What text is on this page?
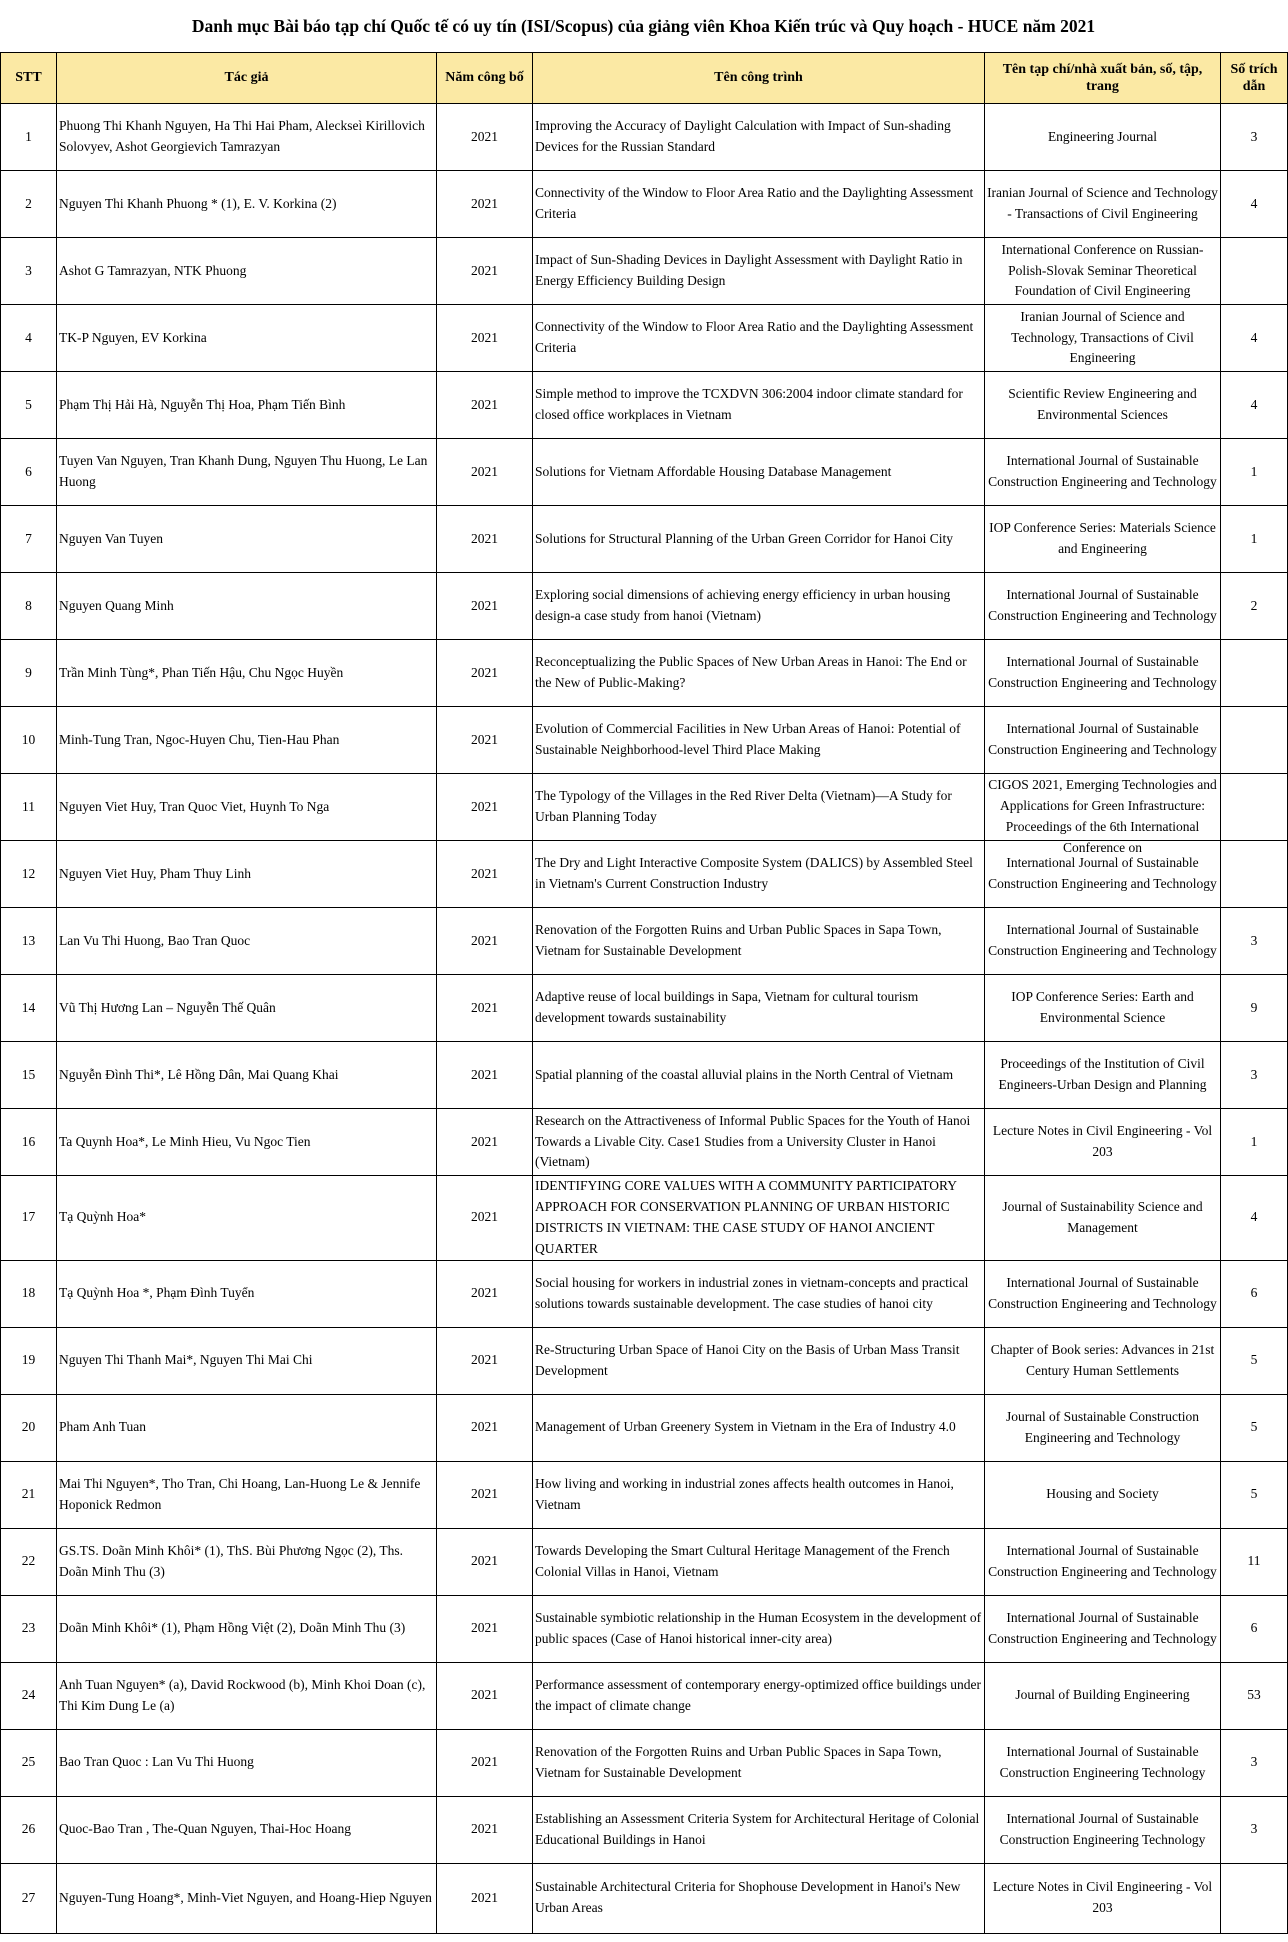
Danh mục Bài báo tạp chí Quốc tế có uy tín (ISI/Scopus) của giảng viên Khoa Kiến trúc và Quy hoạch - HUCE năm 2021
STT	Tác giả	Năm công bố	Tên công trình	Tên tạp chí/nhà xuất bản, số, tập, trang	Số trích dẫn
1	Phuong Thi Khanh Nguyen, Ha Thi Hai Pham, Aleckseì Kirillovich Solovyev, Ashot Georgievich Tamrazyan	2021	Improving the Accuracy of Daylight Calculation with Impact of Sun-shading Devices for the Russian Standard	Engineering Journal	3
2	Nguyen Thi Khanh Phuong * (1), E. V. Korkina (2)	2021	Connectivity of the Window to Floor Area Ratio and the Daylighting Assessment Criteria	Iranian Journal of Science and Technology - Transactions of Civil Engineering	4
3	Ashot G Tamrazyan, NTK Phuong	2021	Impact of Sun-Shading Devices in Daylight Assessment with Daylight Ratio in Energy Efficiency Building Design	International Conference on Russian-Polish-Slovak Seminar Theoretical Foundation of Civil Engineering	

4	TK-P Nguyen, EV Korkina	2021	Connectivity of the Window to Floor Area Ratio and the Daylighting Assessment Criteria	Iranian Journal of Science and Technology, Transactions of Civil Engineering	4
5	Phạm Thị Hải Hà, Nguyễn Thị Hoa, Phạm Tiến Bình	2021	Simple method to improve the TCXDVN 306:2004 indoor climate standard for closed office workplaces in Vietnam	Scientific Review Engineering and Environmental Sciences	4
6	Tuyen Van Nguyen, Tran Khanh Dung, Nguyen Thu Huong, Le Lan Huong	2021	Solutions for Vietnam Affordable Housing Database Management	International Journal of Sustainable Construction Engineering and Technology	1
7	Nguyen Van Tuyen	2021	Solutions for Structural Planning of the Urban Green Corridor for Hanoi City	IOP Conference Series: Materials Science and Engineering	1
8	Nguyen Quang Minh	2021	Exploring social dimensions of achieving energy efficiency in urban housing design-a case study from hanoi (Vietnam)	International Journal of Sustainable Construction Engineering and Technology	2
9	Trần Minh Tùng*, Phan Tiến Hậu, Chu Ngọc Huyền	2021	Reconceptualizing the Public Spaces of New Urban Areas in Hanoi: The End or the New of Public-Making?	International Journal of Sustainable Construction Engineering and Technology	

10	Minh-Tung Tran, Ngoc-Huyen Chu, Tien-Hau Phan	2021	Evolution of Commercial Facilities in New Urban Areas of Hanoi: Potential of Sustainable Neighborhood-level Third Place Making	International Journal of Sustainable Construction Engineering and Technology	

11	Nguyen Viet Huy, Tran Quoc Viet, Huynh To Nga	2021	The Typology of the Villages in the Red River Delta (Vietnam)—A Study for Urban Planning Today	CIGOS 2021, Emerging Technologies and Applications for Green Infrastructure: Proceedings of the 6th International Conference on	

12	Nguyen Viet Huy, Pham Thuy Linh	2021	The Dry and Light Interactive Composite System (DALICS) by Assembled Steel in Vietnam's Current Construction Industry	International Journal of Sustainable Construction Engineering and Technology	

13	Lan Vu Thi Huong, Bao Tran Quoc	2021	Renovation of the Forgotten Ruins and Urban Public Spaces in Sapa Town, Vietnam for Sustainable Development	International Journal of Sustainable Construction Engineering and Technology	3
14	Vũ Thị Hương Lan – Nguyễn Thế Quân	2021	Adaptive reuse of local buildings in Sapa, Vietnam for cultural tourism development towards sustainability	IOP Conference Series: Earth and Environmental Science	9
15	Nguyễn Đình Thi*, Lê Hồng Dân, Mai Quang Khai	2021	Spatial planning of the coastal alluvial plains in the North Central of Vietnam	Proceedings of the Institution of Civil Engineers-Urban Design and Planning	3
16	Ta Quynh Hoa*, Le Minh Hieu, Vu Ngoc Tien	2021	Research on the Attractiveness of Informal Public Spaces for the Youth of Hanoi Towards a Livable City. Case1 Studies from a University Cluster in Hanoi (Vietnam)	Lecture Notes in Civil Engineering - Vol 203	1
17	Tạ Quỳnh Hoa*	2021	IDENTIFYING CORE VALUES WITH A COMMUNITY PARTICIPATORY APPROACH FOR CONSERVATION PLANNING OF URBAN HISTORIC DISTRICTS IN VIETNAM: THE CASE STUDY OF HANOI ANCIENT QUARTER	Journal of Sustainability Science and Management	4
18	Tạ Quỳnh Hoa *, Phạm Đình Tuyển	2021	Social housing for workers in industrial zones in vietnam-concepts and practical solutions towards sustainable development. The case studies of hanoi city	International Journal of Sustainable Construction Engineering and Technology	6
19	Nguyen Thi Thanh Mai*, Nguyen Thi Mai Chi	2021	Re-Structuring Urban Space of Hanoi City on the Basis of Urban Mass Transit Development	Chapter of Book series: Advances in 21st Century Human Settlements	5
20	Pham Anh Tuan	2021	Management of Urban Greenery System in Vietnam in the Era of Industry 4.0	Journal of Sustainable Construction Engineering and Technology	5
21	Mai Thi Nguyen*, Tho Tran, Chi Hoang, Lan-Huong Le & Jennife Hoponick Redmon	2021	How living and working in industrial zones affects health outcomes in Hanoi, Vietnam	Housing and Society	5
22	GS.TS. Doãn Minh Khôi* (1), ThS. Bùi Phương Ngọc (2), Ths. Doãn Minh Thu (3)	2021	Towards Developing the Smart Cultural Heritage Management of the French Colonial Villas in Hanoi, Vietnam	International Journal of Sustainable Construction Engineering and Technology	11
23	Doãn Minh Khôi* (1), Phạm Hồng Việt (2), Doãn Minh Thu (3)	2021	Sustainable symbiotic relationship in the Human Ecosystem in the development of public spaces (Case of Hanoi historical inner-city area)	International Journal of Sustainable Construction Engineering and Technology	6
24	Anh Tuan Nguyen* (a), David Rockwood (b), Minh Khoi Doan (c), Thi Kim Dung Le (a)	2021	Performance assessment of contemporary energy-optimized office buildings under the impact of climate change	Journal of Building Engineering	53
25	Bao Tran Quoc : Lan Vu Thi Huong	2021	Renovation of the Forgotten Ruins and Urban Public Spaces in Sapa Town, Vietnam for Sustainable Development	International Journal of Sustainable Construction Engineering Technology	3
26	Quoc-Bao Tran , The-Quan Nguyen, Thai-Hoc Hoang	2021	Establishing an Assessment Criteria System for Architectural Heritage of Colonial Educational Buildings in Hanoi	International Journal of Sustainable Construction Engineering Technology	3
27	Nguyen-Tung Hoang*, Minh-Viet Nguyen, and Hoang-Hiep Nguyen	2021	Sustainable Architectural Criteria for Shophouse Development in Hanoi's New Urban Areas	Lecture Notes in Civil Engineering - Vol 203	
